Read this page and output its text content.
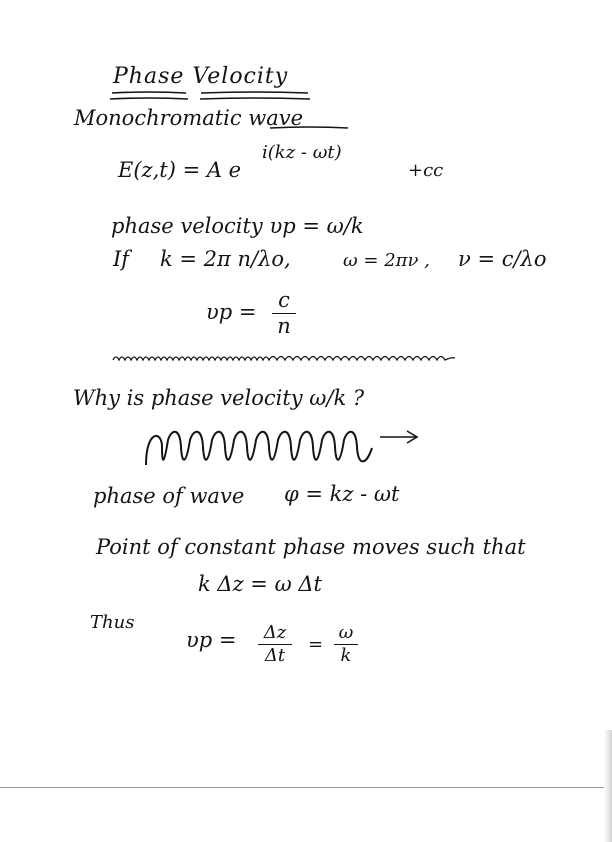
Phase Velocity
Monochromatic wave
E(z,t) = A e
i(kz - ωt)
+cc
phase velocity υp = ω/k
If k = 2π n/λo,	ω = 2πν , ν = c/λo
υp = c
n
Why is phase velocity ω/k ?
phase of wave φ = kz - ωt
Point of constant phase moves such that
k Δz = ω Δt
Thus
υp =	Δz
Δt
=
ω
k
